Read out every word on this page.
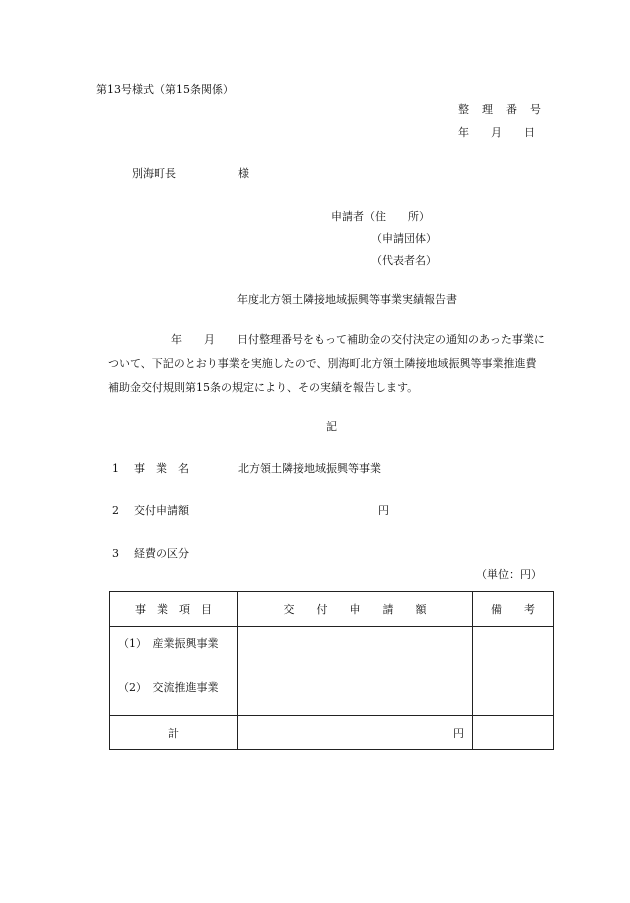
第13号様式（第15条関係）
整　理　番　号
年　　月　　日
別海町長	様
申請者（住　　所）
（申請団体）
（代表者名）
年度北方領土隣接地域振興等事業実績報告書
年　　月　　日付整理番号をもって補助金の交付決定の通知のあった事業に
ついて、下記のとおり事業を実施したので、別海町北方領土隣接地域振興等事業推進費
補助金交付規則第15条の規定により、その実績を報告します。
記
1 事　業　名	北方領土隣接地域振興等事業
2 交付申請額	円
3 経費の区分
（単位：円）
事　業　項　目	交　　付　　申　　請　　額	備　　考

（1）　産業振興事業
（2）　交流推進事業		

計	円	
